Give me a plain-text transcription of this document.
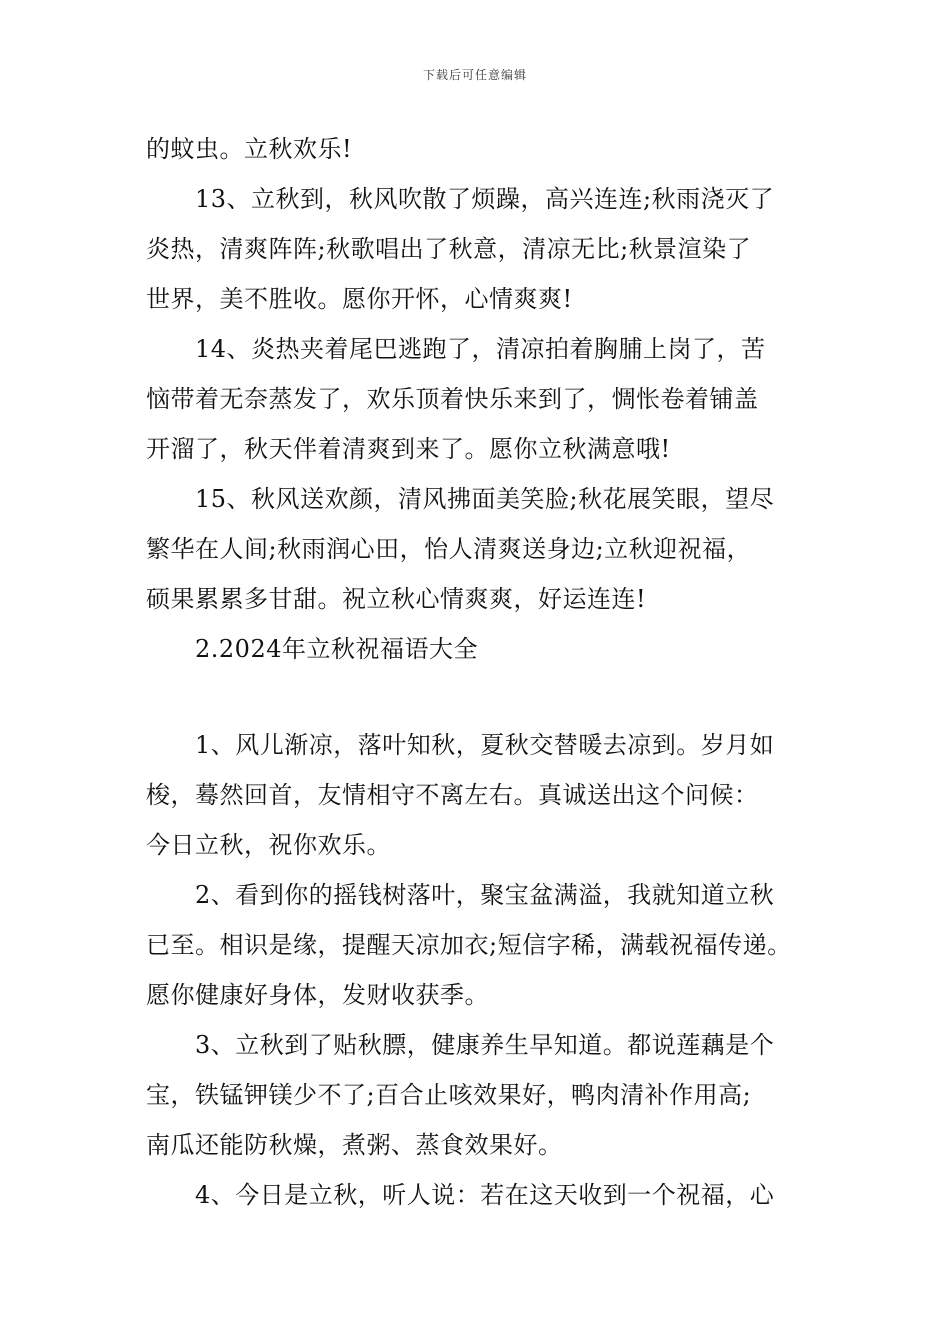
下载后可任意编辑
的蚊虫。立秋欢乐!
13、立秋到，秋风吹散了烦躁，高兴连连;秋雨浇灭了
炎热，清爽阵阵;秋歌唱出了秋意，清凉无比;秋景渲染了
世界，美不胜收。愿你开怀，心情爽爽!
14、炎热夹着尾巴逃跑了，清凉拍着胸脯上岗了，苦
恼带着无奈蒸发了，欢乐顶着快乐来到了，惆怅卷着铺盖
开溜了，秋天伴着清爽到来了。愿你立秋满意哦!
15、秋风送欢颜，清风拂面美笑脸;秋花展笑眼，望尽
繁华在人间;秋雨润心田，怡人清爽送身边;立秋迎祝福，
硕果累累多甘甜。祝立秋心情爽爽，好运连连!
2.2024年立秋祝福语大全
1、风儿渐凉，落叶知秋，夏秋交替暖去凉到。岁月如
梭，蓦然回首，友情相守不离左右。真诚送出这个问候：
今日立秋，祝你欢乐。
2、看到你的摇钱树落叶，聚宝盆满溢，我就知道立秋
已至。相识是缘，提醒天凉加衣;短信字稀，满载祝福传递。
愿你健康好身体，发财收获季。
3、立秋到了贴秋膘，健康养生早知道。都说莲藕是个
宝，铁锰钾镁少不了;百合止咳效果好，鸭肉清补作用高;
南瓜还能防秋燥，煮粥、蒸食效果好。
4、今日是立秋，听人说：若在这天收到一个祝福，心
